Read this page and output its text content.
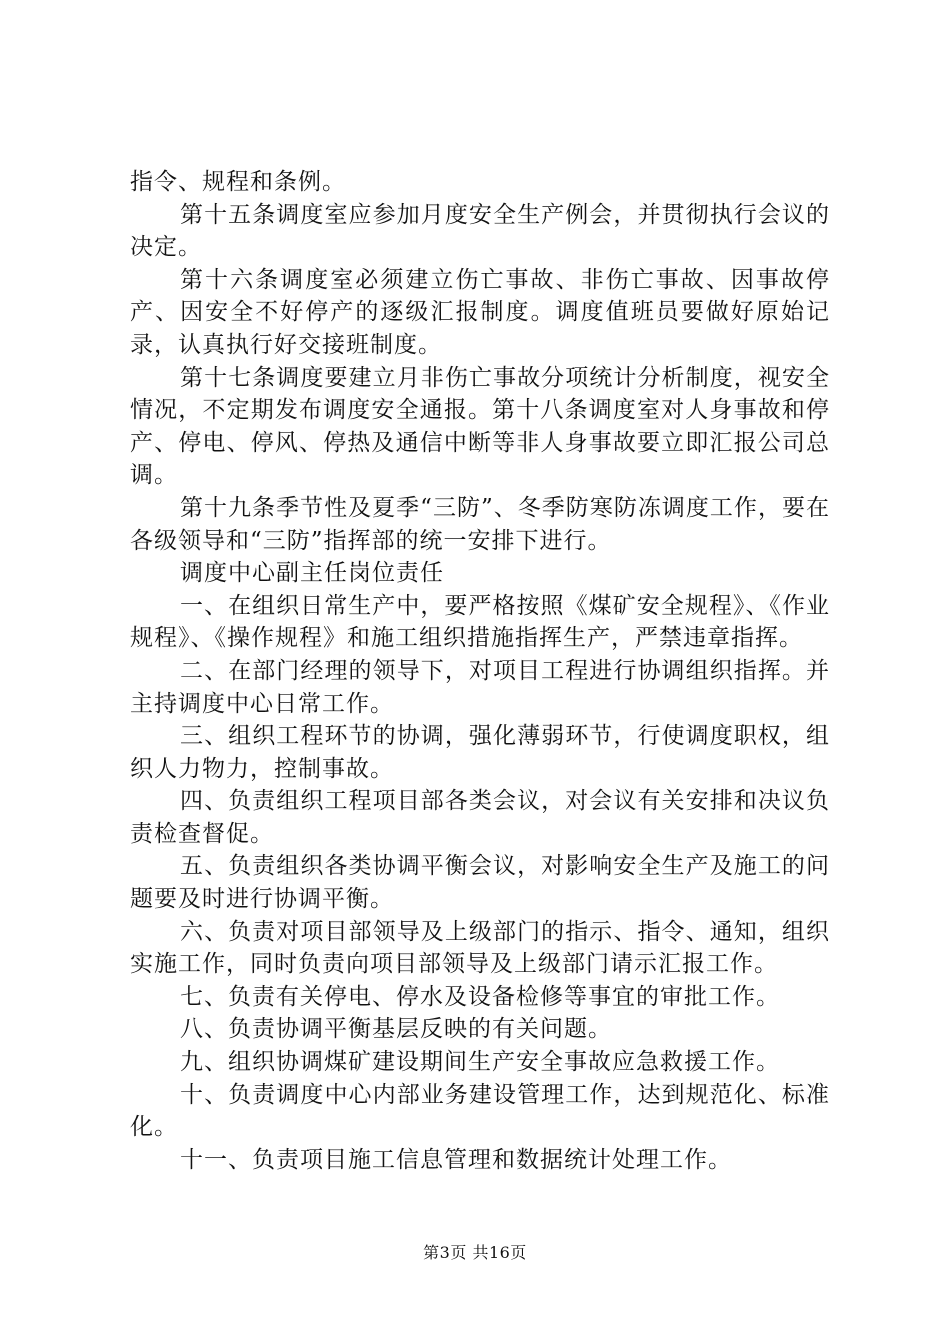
指令、规程和条例。

第十五条调度室应参加月度安全生产例会，并贯彻执行会议的决定。

第十六条调度室必须建立伤亡事故、非伤亡事故、因事故停产、因安全不好停产的逐级汇报制度。调度值班员要做好原始记录，认真执行好交接班制度。

第十七条调度要建立月非伤亡事故分项统计分析制度，视安全情况，不定期发布调度安全通报。第十八条调度室对人身事故和停产、停电、停风、停热及通信中断等非人身事故要立即汇报公司总调。

第十九条季节性及夏季“三防”、冬季防寒防冻调度工作，要在各级领导和“三防”指挥部的统一安排下进行。

调度中心副主任岗位责任

一、在组织日常生产中，要严格按照《煤矿安全规程》、《作业规程》、《操作规程》和施工组织措施指挥生产，严禁违章指挥。

二、在部门经理的领导下，对项目工程进行协调组织指挥。并主持调度中心日常工作。

三、组织工程环节的协调，强化薄弱环节，行使调度职权，组织人力物力，控制事故。

四、负责组织工程项目部各类会议，对会议有关安排和决议负责检查督促。

五、负责组织各类协调平衡会议，对影响安全生产及施工的问题要及时进行协调平衡。

六、负责对项目部领导及上级部门的指示、指令、通知，组织实施工作，同时负责向项目部领导及上级部门请示汇报工作。

七、负责有关停电、停水及设备检修等事宜的审批工作。

八、负责协调平衡基层反映的有关问题。

九、组织协调煤矿建设期间生产安全事故应急救援工作。

十、负责调度中心内部业务建设管理工作，达到规范化、标准化。

十一、负责项目施工信息管理和数据统计处理工作。

第3页 共16页
